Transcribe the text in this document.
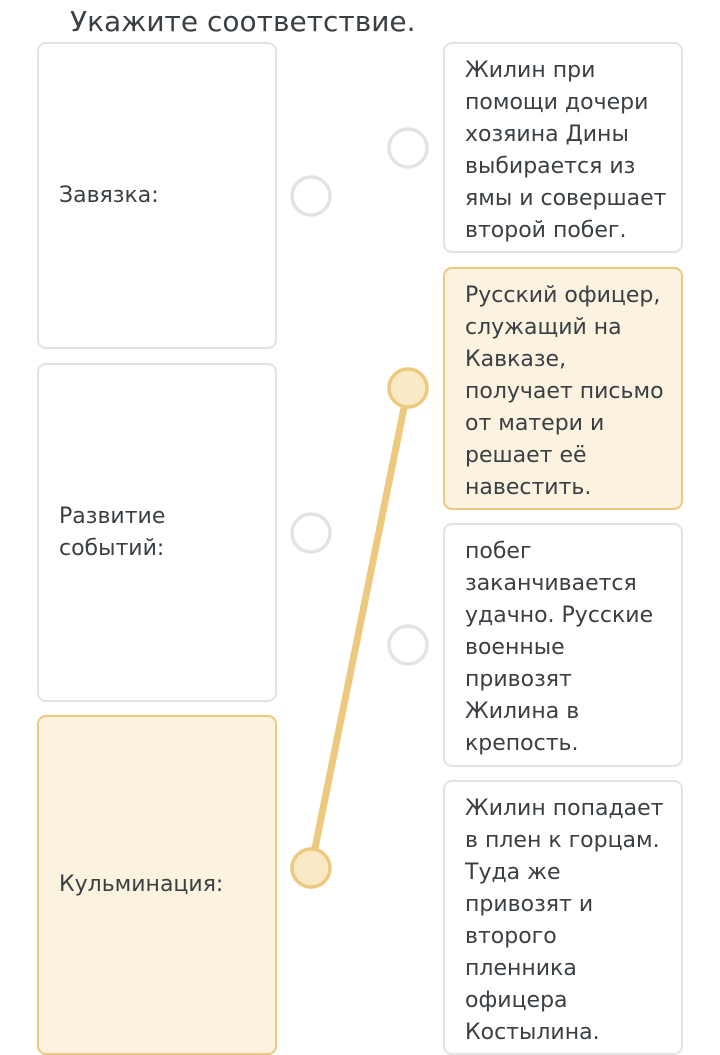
Укажите соответствие.
Завязка:
Развитие событий:
Кульминация:
Жилин при помощи дочери хозяина Дины выбирается из ямы и совершает второй побег.
Русский офицер, служащий на Кавказе, получает письмо от матери и решает её навестить.
побег заканчивается удачно. Русские военные привозят Жилина в крепость.
Жилин попадает в плен к горцам. Туда же привозят и второго пленника офицера Костылина.
